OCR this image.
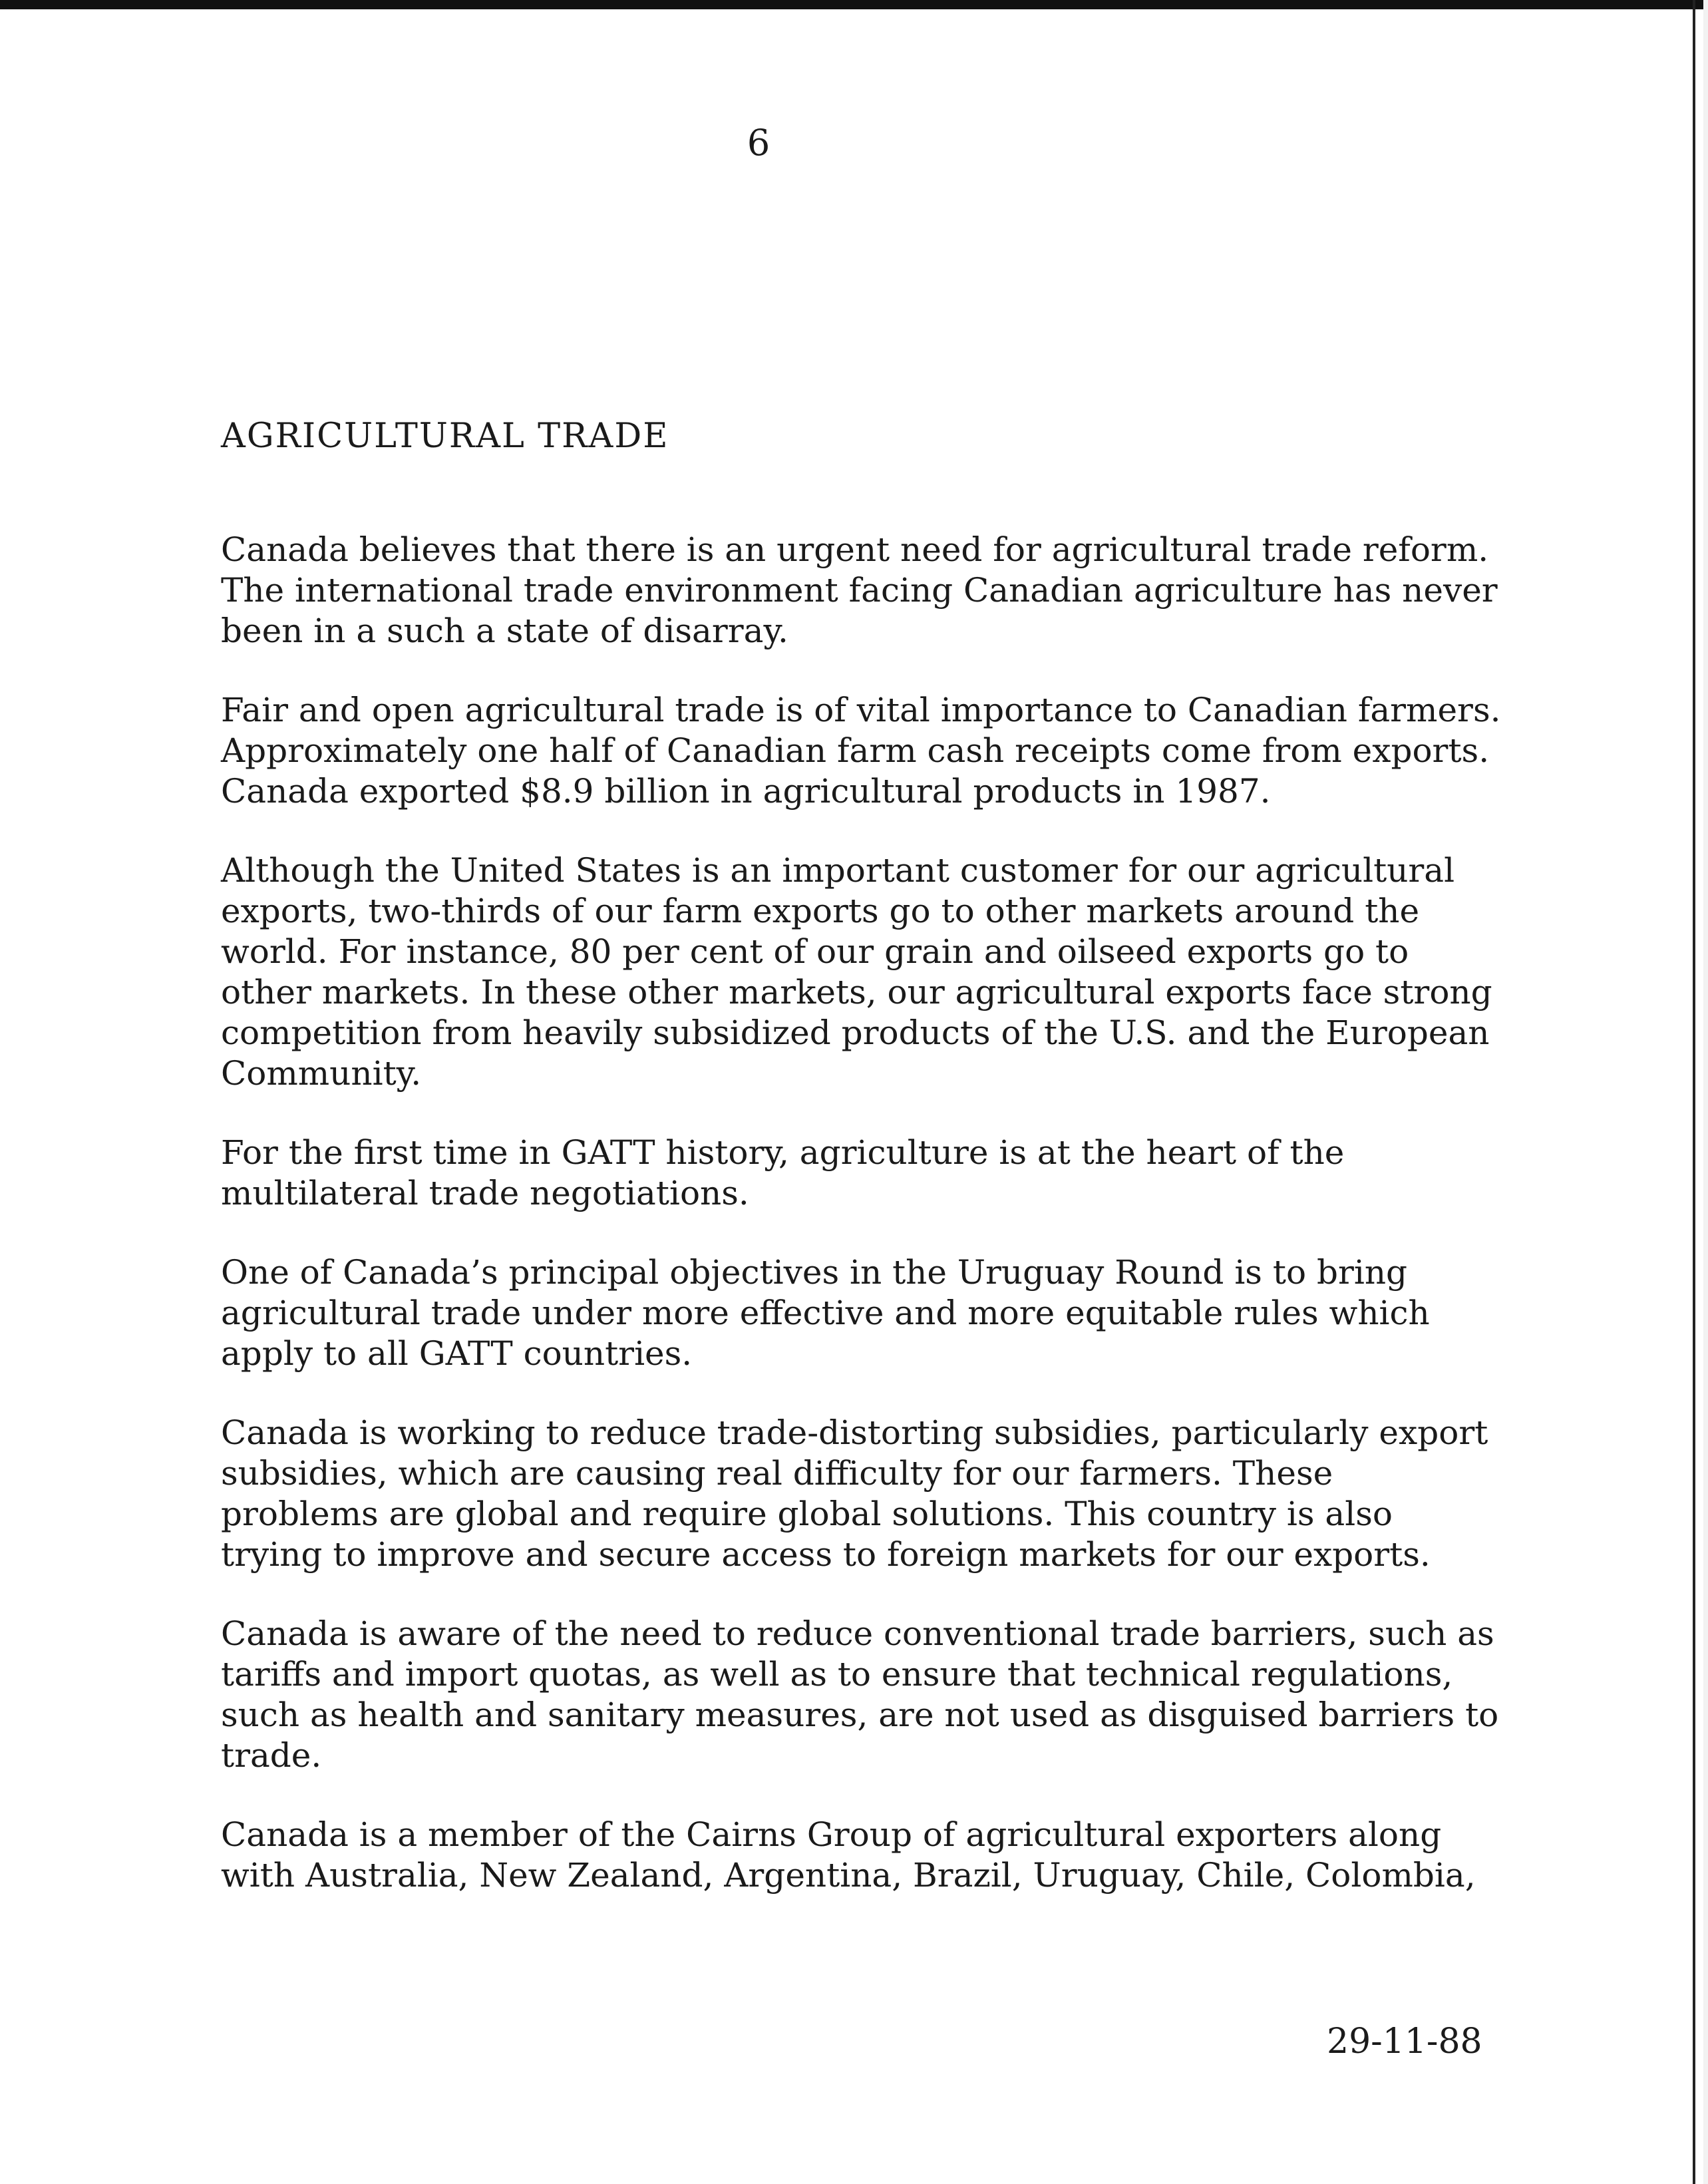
6
AGRICULTURAL TRADE

Canada believes that there is an urgent need for agricultural trade reform.
The international trade environment facing Canadian agriculture has never
been in a such a state of disarray.

Fair and open agricultural trade is of vital importance to Canadian farmers.
Approximately one half of Canadian farm cash receipts come from exports.
Canada exported $8.9 billion in agricultural products in 1987.

Although the United States is an important customer for our agricultural
exports, two-thirds of our farm exports go to other markets around the
world. For instance, 80 per cent of our grain and oilseed exports go to
other markets. In these other markets, our agricultural exports face strong
competition from heavily subsidized products of the U.S. and the European
Community.

For the first time in GATT history, agriculture is at the heart of the
multilateral trade negotiations.

One of Canada’s principal objectives in the Uruguay Round is to bring
agricultural trade under more effective and more equitable rules which
apply to all GATT countries.

Canada is working to reduce trade-distorting subsidies, particularly export
subsidies, which are causing real difficulty for our farmers. These
problems are global and require global solutions. This country is also
trying to improve and secure access to foreign markets for our exports.

Canada is aware of the need to reduce conventional trade barriers, such as
tariffs and import quotas, as well as to ensure that technical regulations,
such as health and sanitary measures, are not used as disguised barriers to
trade.

Canada is a member of the Cairns Group of agricultural exporters along
with Australia, New Zealand, Argentina, Brazil, Uruguay, Chile, Colombia,

29-11-88
